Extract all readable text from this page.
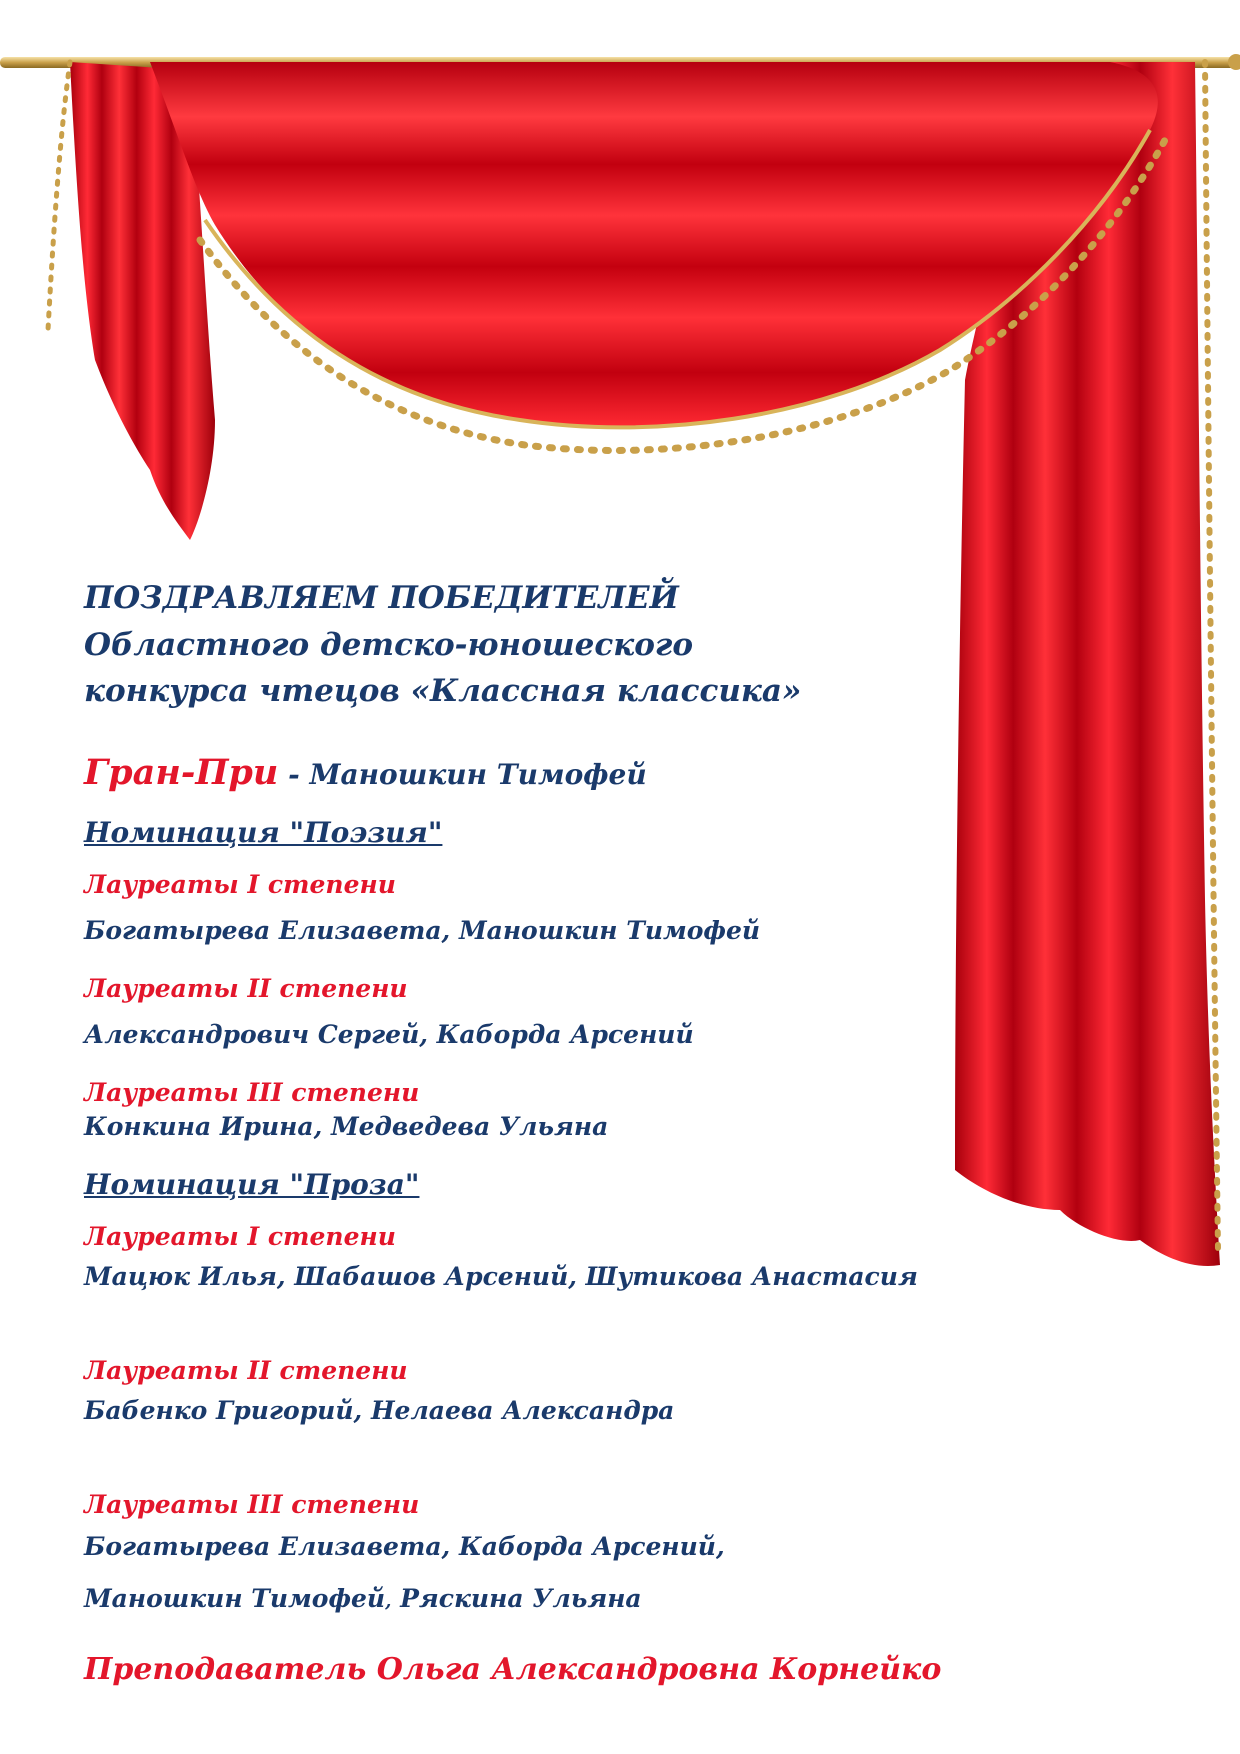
ПОЗДРАВЛЯЕМ ПОБЕДИТЕЛЕЙ

Областного детско-юношеского

конкурса чтецов «Классная классика»

Гран-При - Маношкин Тимофей

Номинация "Поэзия"

Лауреаты I степени

Богатырева Елизавета, Маношкин Тимофей

Лауреаты II степени

Александрович Сергей, Каборда Арсений

Лауреаты III степени

Конкина Ирина, Медведева Ульяна

Номинация "Проза"

Лауреаты I степени

Мацюк Илья, Шабашов Арсений, Шутикова Анастасия

Лауреаты II степени

Бабенко Григорий, Нелаева Александра

Лауреаты III степени

Богатырева Елизавета, Каборда Арсений,

Маношкин Тимофей, Ряскина Ульяна

Преподаватель Ольга Александровна Корнейко
